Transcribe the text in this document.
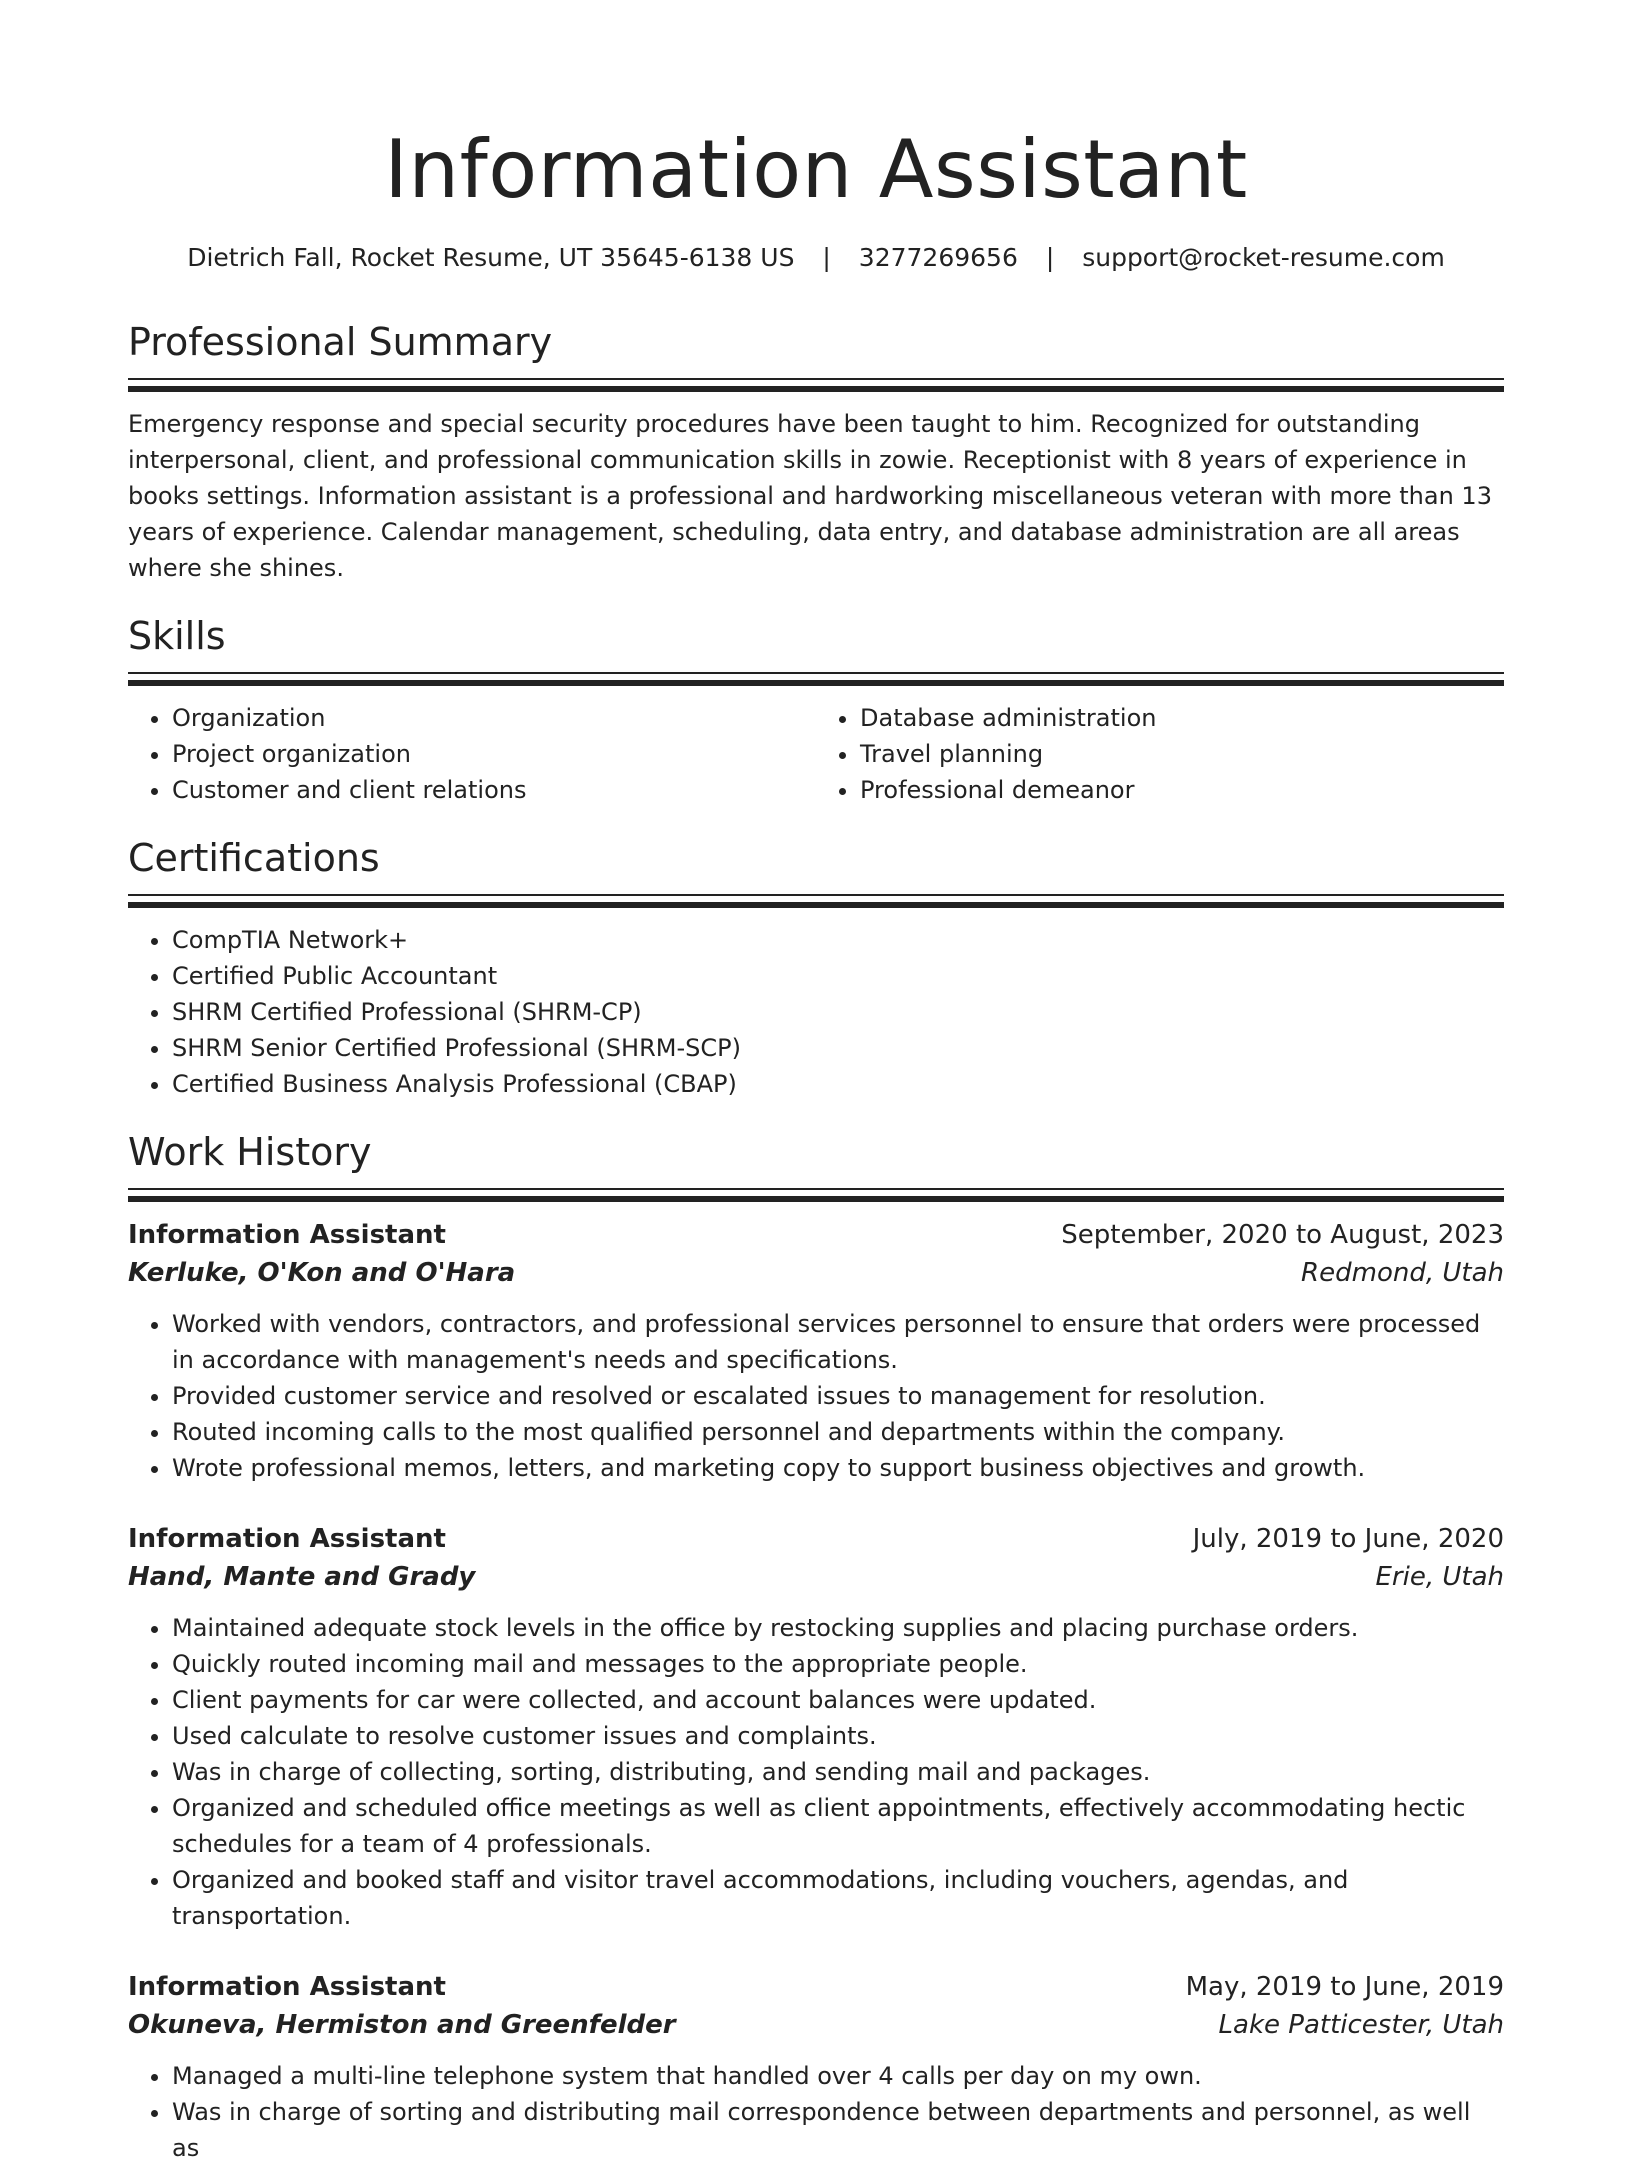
Information Assistant
Dietrich Fall, Rocket Resume, UT 35645-6138 US | 3277269656 | support@rocket-resume.com
Professional Summary
Emergency response and special security procedures have been taught to him. Recognized for outstanding interpersonal, client, and professional communication skills in zowie. Receptionist with 8 years of experience in books settings. Information assistant is a professional and hardworking miscellaneous veteran with more than 13 years of experience. Calendar management, scheduling, data entry, and database administration are all areas where she shines.
Skills
• Organization
• Project organization
• Customer and client relations
• Database administration
• Travel planning
• Professional demeanor
Certifications
• CompTIA Network+
• Certified Public Accountant
• SHRM Certified Professional (SHRM-CP)
• SHRM Senior Certified Professional (SHRM-SCP)
• Certified Business Analysis Professional (CBAP)
Work History
Information Assistant	September, 2020 to August, 2023
Kerluke, O'Kon and O'Hara	Redmond, Utah
• Worked with vendors, contractors, and professional services personnel to ensure that orders were processed in accordance with management's needs and specifications.
• Provided customer service and resolved or escalated issues to management for resolution.
• Routed incoming calls to the most qualified personnel and departments within the company.
• Wrote professional memos, letters, and marketing copy to support business objectives and growth.
Information Assistant	July, 2019 to June, 2020
Hand, Mante and Grady	Erie, Utah
• Maintained adequate stock levels in the office by restocking supplies and placing purchase orders.
• Quickly routed incoming mail and messages to the appropriate people.
• Client payments for car were collected, and account balances were updated.
• Used calculate to resolve customer issues and complaints.
• Was in charge of collecting, sorting, distributing, and sending mail and packages.
• Organized and scheduled office meetings as well as client appointments, effectively accommodating hectic schedules for a team of 4 professionals.
• Organized and booked staff and visitor travel accommodations, including vouchers, agendas, and transportation.
Information Assistant	May, 2019 to June, 2019
Okuneva, Hermiston and Greenfelder	Lake Patticester, Utah
• Managed a multi-line telephone system that handled over 4 calls per day on my own.
• Was in charge of sorting and distributing mail correspondence between departments and personnel, as well as
